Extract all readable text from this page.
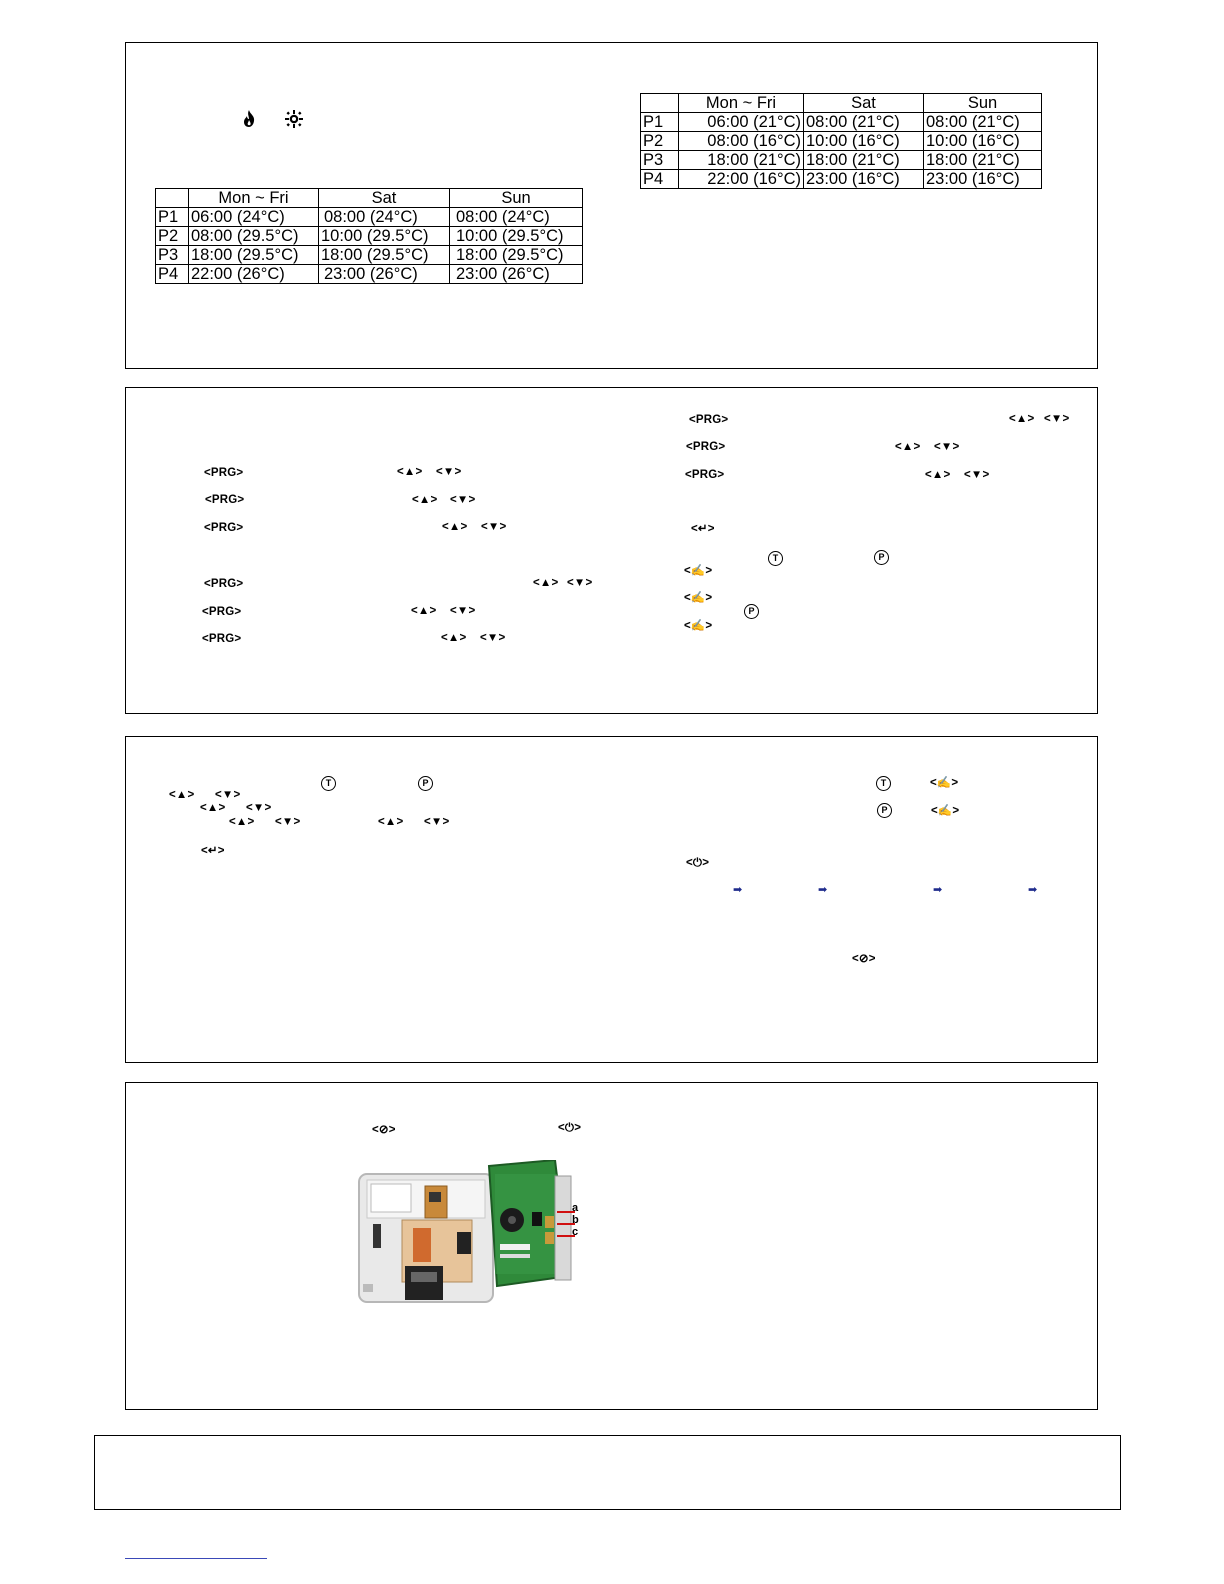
	Mon ~ Fri	Sat	Sun
P1	06:00 (24°C)	08:00 (24°C)	08:00 (24°C)
P2	08:00 (29.5°C)	10:00 (29.5°C)	10:00 (29.5°C)
P3	18:00 (29.5°C)	18:00 (29.5°C)	18:00 (29.5°C)
P4	22:00 (26°C)	23:00 (26°C)	23:00 (26°C)
	Mon ~ Fri	Sat	Sun
P1	06:00 (21°C)	08:00 (21°C)	08:00 (21°C)
P2	08:00 (16°C)	10:00 (16°C)	10:00 (16°C)
P3	18:00 (21°C)	18:00 (21°C)	18:00 (21°C)
P4	22:00 (16°C)	23:00 (16°C)	23:00 (16°C)
<PRG>	<▲> <▼>
<PRG>	<▲> <▼>
<PRG>	<▲> <▼>
<PRG>	<▲> <▼>
<PRG>	<▲> <▼>
<PRG>	<▲> <▼>
<PRG>	<▲> <▼>
<PRG>	<▲> <▼>
<PRG>	<▲> <▼>
<↵>
T	P
<✍>
<✍>
P
<✍>
T	P
<▲> <▼>
<▲> <▼>
<▲> <▼>	<▲> <▼>
<↵>
T	<✍>
P	<✍>
<⏻>
➡	➡	➡	➡
<⊘>
<⊘>	<⏻>
a
b
c
